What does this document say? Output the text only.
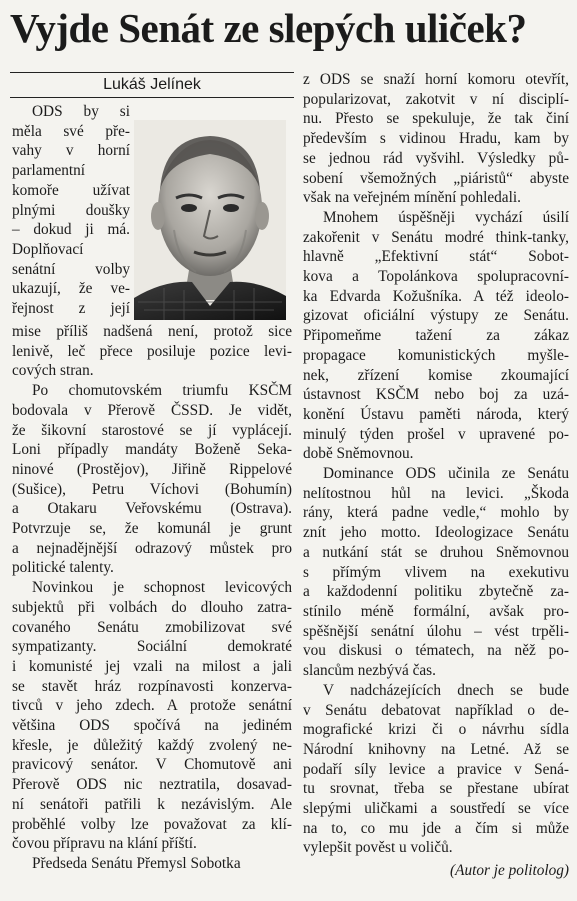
Vyjde Senát ze slepých uliček?
Lukáš Jelínek
ODS by si
měla své pře-
vahy v horní
parlamentní
komoře užívat
plnými doušky
– dokud ji má.
Doplňovací
senátní volby
ukazují, že ve-
řejnost z její
mise příliš nadšená není, protož sice
lenivě, leč přece posiluje pozice levi-
cových stran.
Po chomutovském triumfu KSČM
bodovala v Přerově ČSSD. Je vidět,
že šikovní starostové se jí vyplácejí.
Loni případly mandáty Boženě Seka-
ninové (Prostějov), Jiřině Rippelové
(Sušice), Petru Víchovi (Bohumín)
a Otakaru Veřovskému (Ostrava).
Potvrzuje se, že komunál je grunt
a nejnadějnější odrazový můstek pro
politické talenty.
Novinkou je schopnost levicových
subjektů při volbách do dlouho zatra-
covaného Senátu zmobilizovat své
sympatizanty. Sociální demokraté
i komunisté jej vzali na milost a jali
se stavět hráz rozpínavosti konzerva-
tivců v jeho zdech. A protože senátní
většina ODS spočívá na jediném
křesle, je důležitý každý zvolený ne-
pravicový senátor. V Chomutově ani
Přerově ODS nic neztratila, dosavad-
ní senátoři patřili k nezávislým. Ale
proběhlé volby lze považovat za klí-
čovou přípravu na klání příští.
Předseda Senátu Přemysl Sobotka
z ODS se snaží horní komoru otevřít,
popularizovat, zakotvit v ní disciplí-
nu. Přesto se spekuluje, že tak činí
především s vidinou Hradu, kam by
se jednou rád vyšvihl. Výsledky pů-
sobení všemožných „piáristů“ abyste
však na veřejném mínění pohledali.
Mnohem úspěšněji vychází úsilí
zakořenit v Senátu modré think-tanky,
hlavně „Efektivní stát“ Sobot-
kova a Topolánkova spolupracovní-
ka Edvarda Kožušníka. A též ideolo-
gizovat oficiální výstupy ze Senátu.
Připomeňme tažení za zákaz
propagace komunistických myšle-
nek, zřízení komise zkoumající
ústavnost KSČM nebo boj za uzá-
konění Ústavu paměti národa, který
minulý týden prošel v upravené po-
době Sněmovnou.
Dominance ODS učinila ze Senátu
nelítostnou hůl na levici. „Škoda
rány, která padne vedle,“ mohlo by
znít jeho motto. Ideologizace Senátu
a nutkání stát se druhou Sněmovnou
s přímým vlivem na exekutivu
a každodenní politiku zbytečně za-
stínilo méně formální, avšak pro-
spěšnější senátní úlohu – vést trpěli-
vou diskusi o tématech, na něž po-
slancům nezbývá čas.
V nadcházejících dnech se bude
v Senátu debatovat například o de-
mografické krizi či o návrhu sídla
Národní knihovny na Letné. Až se
podaří síly levice a pravice v Sená-
tu srovnat, třeba se přestane ubírat
slepými uličkami a soustředí se více
na to, co mu jde a čím si může
vylepšit pověst u voličů.
(Autor je politolog)
